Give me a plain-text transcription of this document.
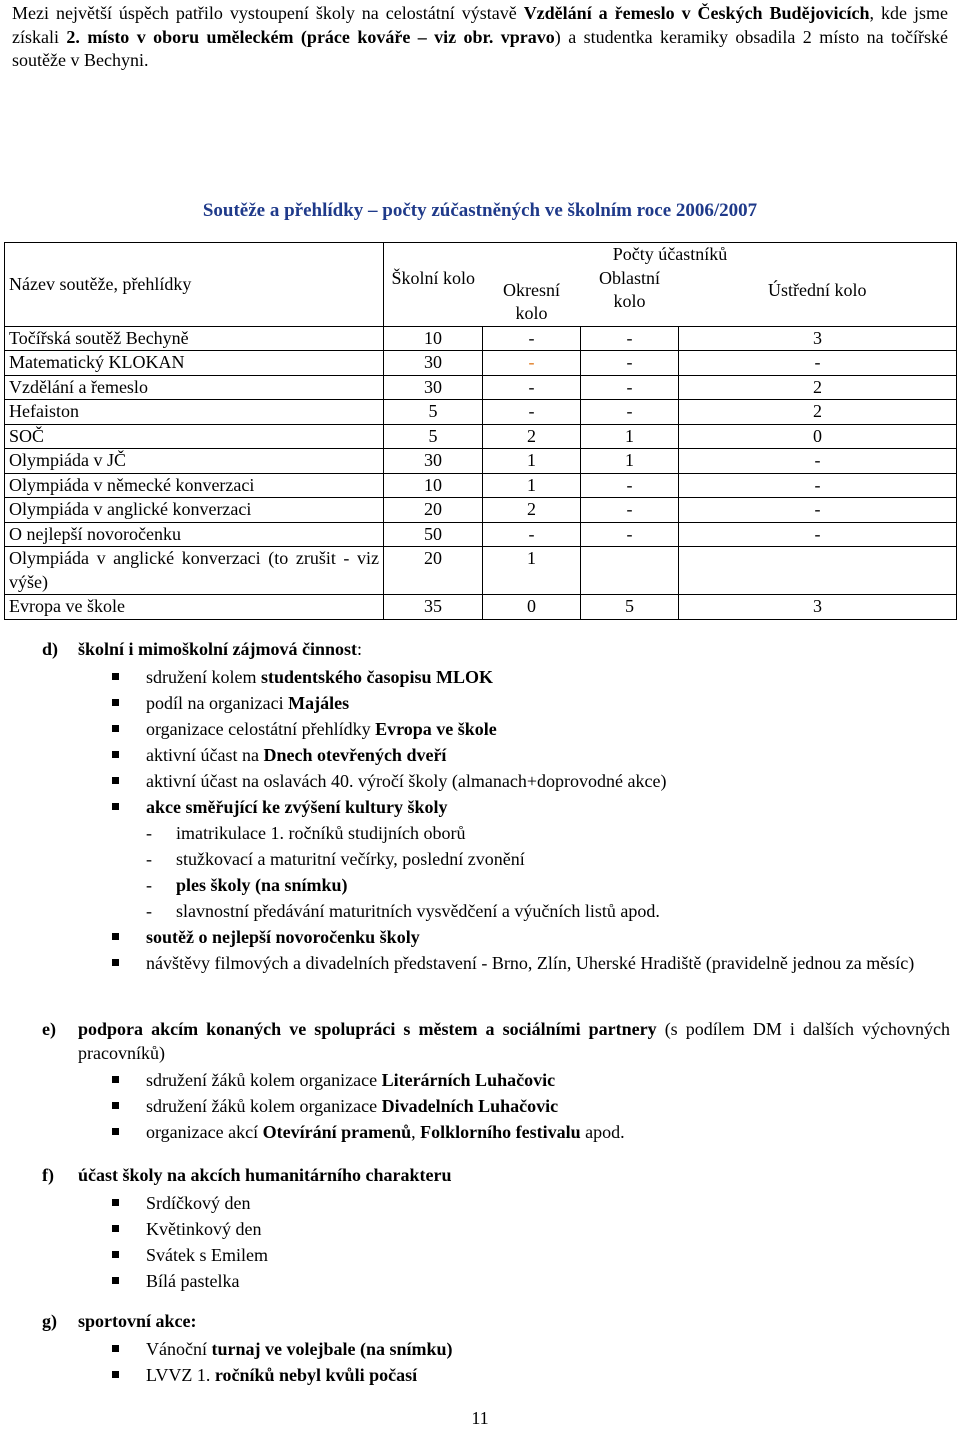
Mezi největší úspěch patřilo vystoupení školy na celostátní výstavě Vzdělání a řemeslo v Českých Budějovicích, kde jsme získali 2. místo v oboru uměleckém (práce kováře – viz obr. vpravo) a studentka keramiky obsadila 2 místo na točířské soutěže v Bechyni.
Soutěže a přehlídky – počty zúčastněných ve školním roce 2006/2007
Název soutěže, přehlídky	Počty účastníků			
	Školní kolo	Okresní kolo	Oblastní kolo	Ústřední kolo
Točířská soutěž Bechyně	10	-	-	3
Matematický KLOKAN	30	-	-	-
Vzdělání a řemeslo	30	-	-	2
Hefaiston	5	-	-	2
SOČ	5	2	1	0
Olympiáda v JČ	30	1	1	-
Olympiáda v německé konverzaci	10	1	-	-
Olympiáda v anglické konverzaci	20	2	-	-
O nejlepší novoročenku	50	-	-	-
Olympiáda v anglické konverzaci (to zrušit - viz výše)	20	1		
Evropa ve škole	35	0	5	3
d) školní i mimoškolní zájmová činnost:
sdružení kolem studentského časopisu MLOK
podíl na organizaci Majáles
organizace celostátní přehlídky Evropa ve škole
aktivní účast na Dnech otevřených dveří
aktivní účast na oslavách 40. výročí školy (almanach+doprovodné akce)
akce směřující ke zvýšení kultury školy
- imatrikulace 1. ročníků studijních oborů
- stužkovací a maturitní večírky, poslední zvonění
- ples školy (na snímku)
- slavnostní předávání maturitních vysvědčení a výučních listů apod.
soutěž o nejlepší novoročenku školy
návštěvy filmových a divadelních představení - Brno, Zlín, Uherské Hradiště (pravidelně jednou za měsíc)
e) podpora akcím konaných ve spolupráci s městem a sociálními partnery (s podílem DM i dalších výchovných pracovníků)
sdružení žáků kolem organizace Literárních Luhačovic
sdružení žáků kolem organizace Divadelních Luhačovic
organizace akcí Otevírání pramenů, Folklorního festivalu apod.
f) účast školy na akcích humanitárního charakteru
Srdíčkový den
Květinkový den
Svátek s Emilem
Bílá pastelka
g) sportovní akce:
Vánoční turnaj ve volejbale (na snímku)
LVVZ 1. ročníků nebyl kvůli počasí
11
